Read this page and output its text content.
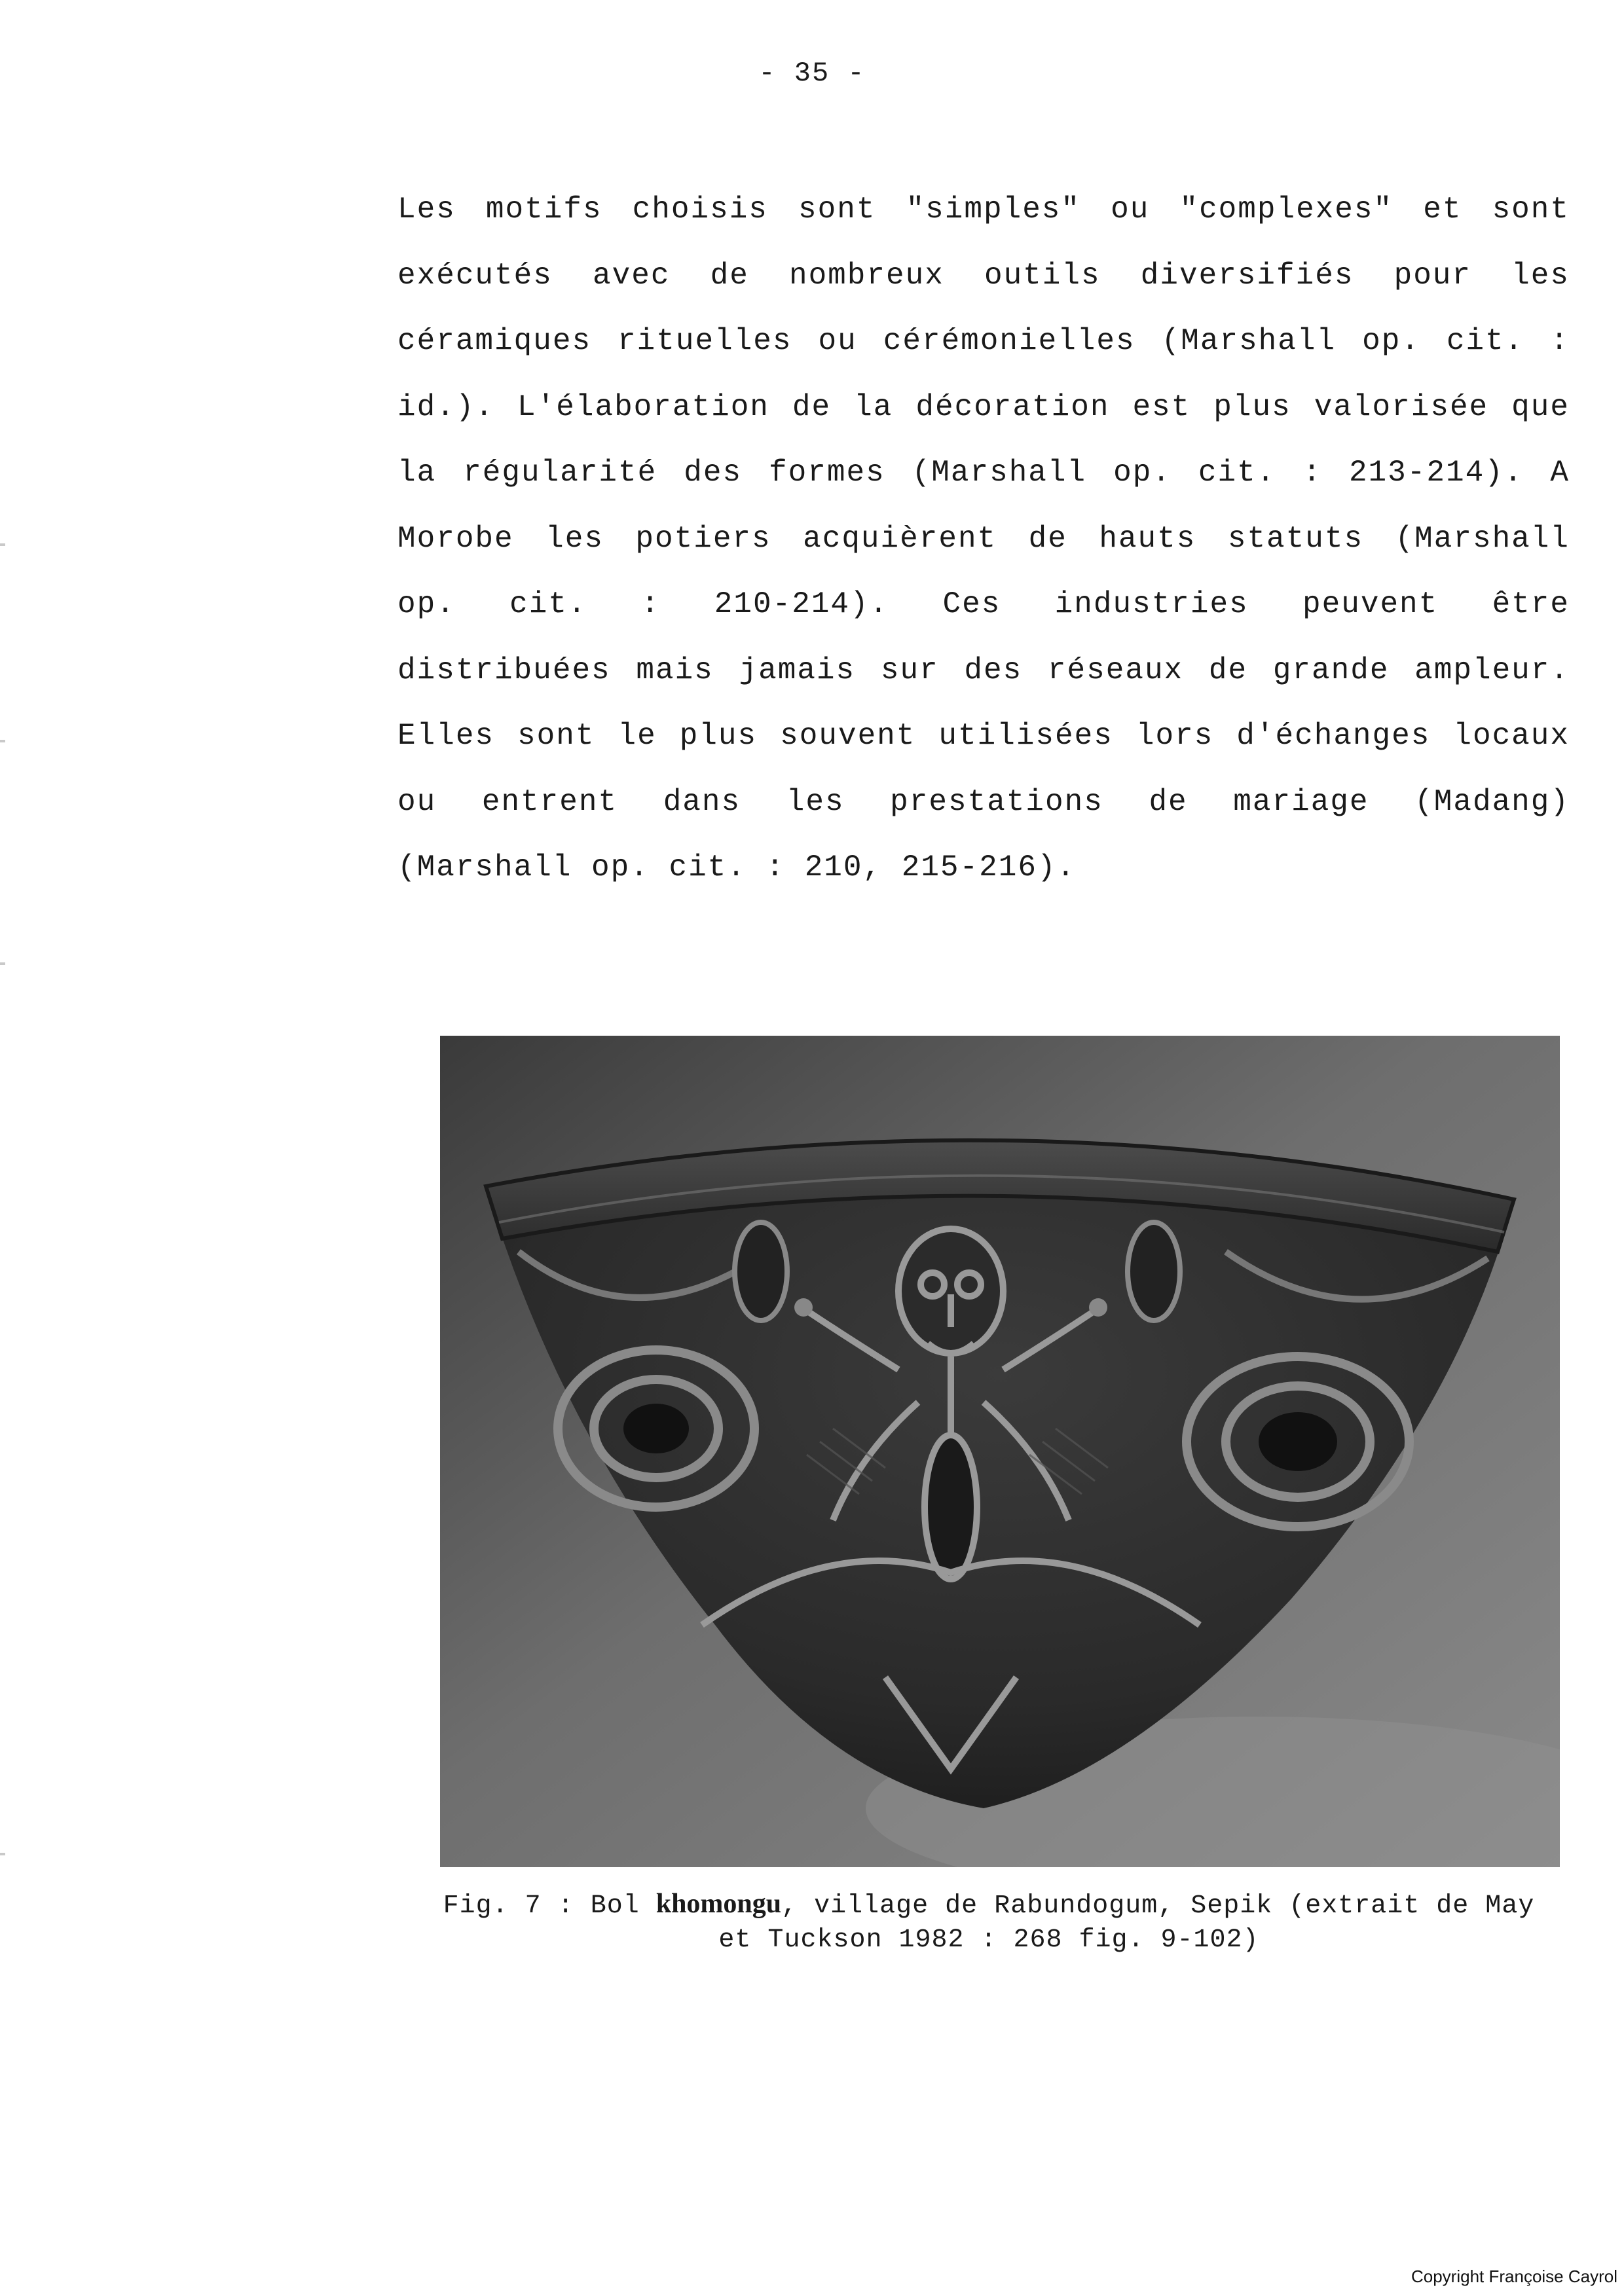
- 35 -
Les motifs choisis sont "simples" ou "complexes" et sont
exécutés avec de nombreux outils diversifiés pour les
céramiques rituelles ou cérémonielles (Marshall op. cit. :
id.). L'élaboration de la décoration est plus valorisée que
la régularité des formes (Marshall op. cit. : 213-214). A
Morobe les potiers acquièrent de hauts statuts (Marshall
op. cit. : 210-214). Ces industries peuvent être
distribuées mais jamais sur des réseaux de grande ampleur.
Elles sont le plus souvent utilisées lors d'échanges locaux
ou entrent dans les prestations de mariage (Madang)
(Marshall op. cit. : 210, 215-216).
Fig. 7 : Bol khomongu, village de Rabundogum, Sepik (extrait de May
et Tuckson 1982 : 268 fig. 9-102)
Copyright Françoise Cayrol
